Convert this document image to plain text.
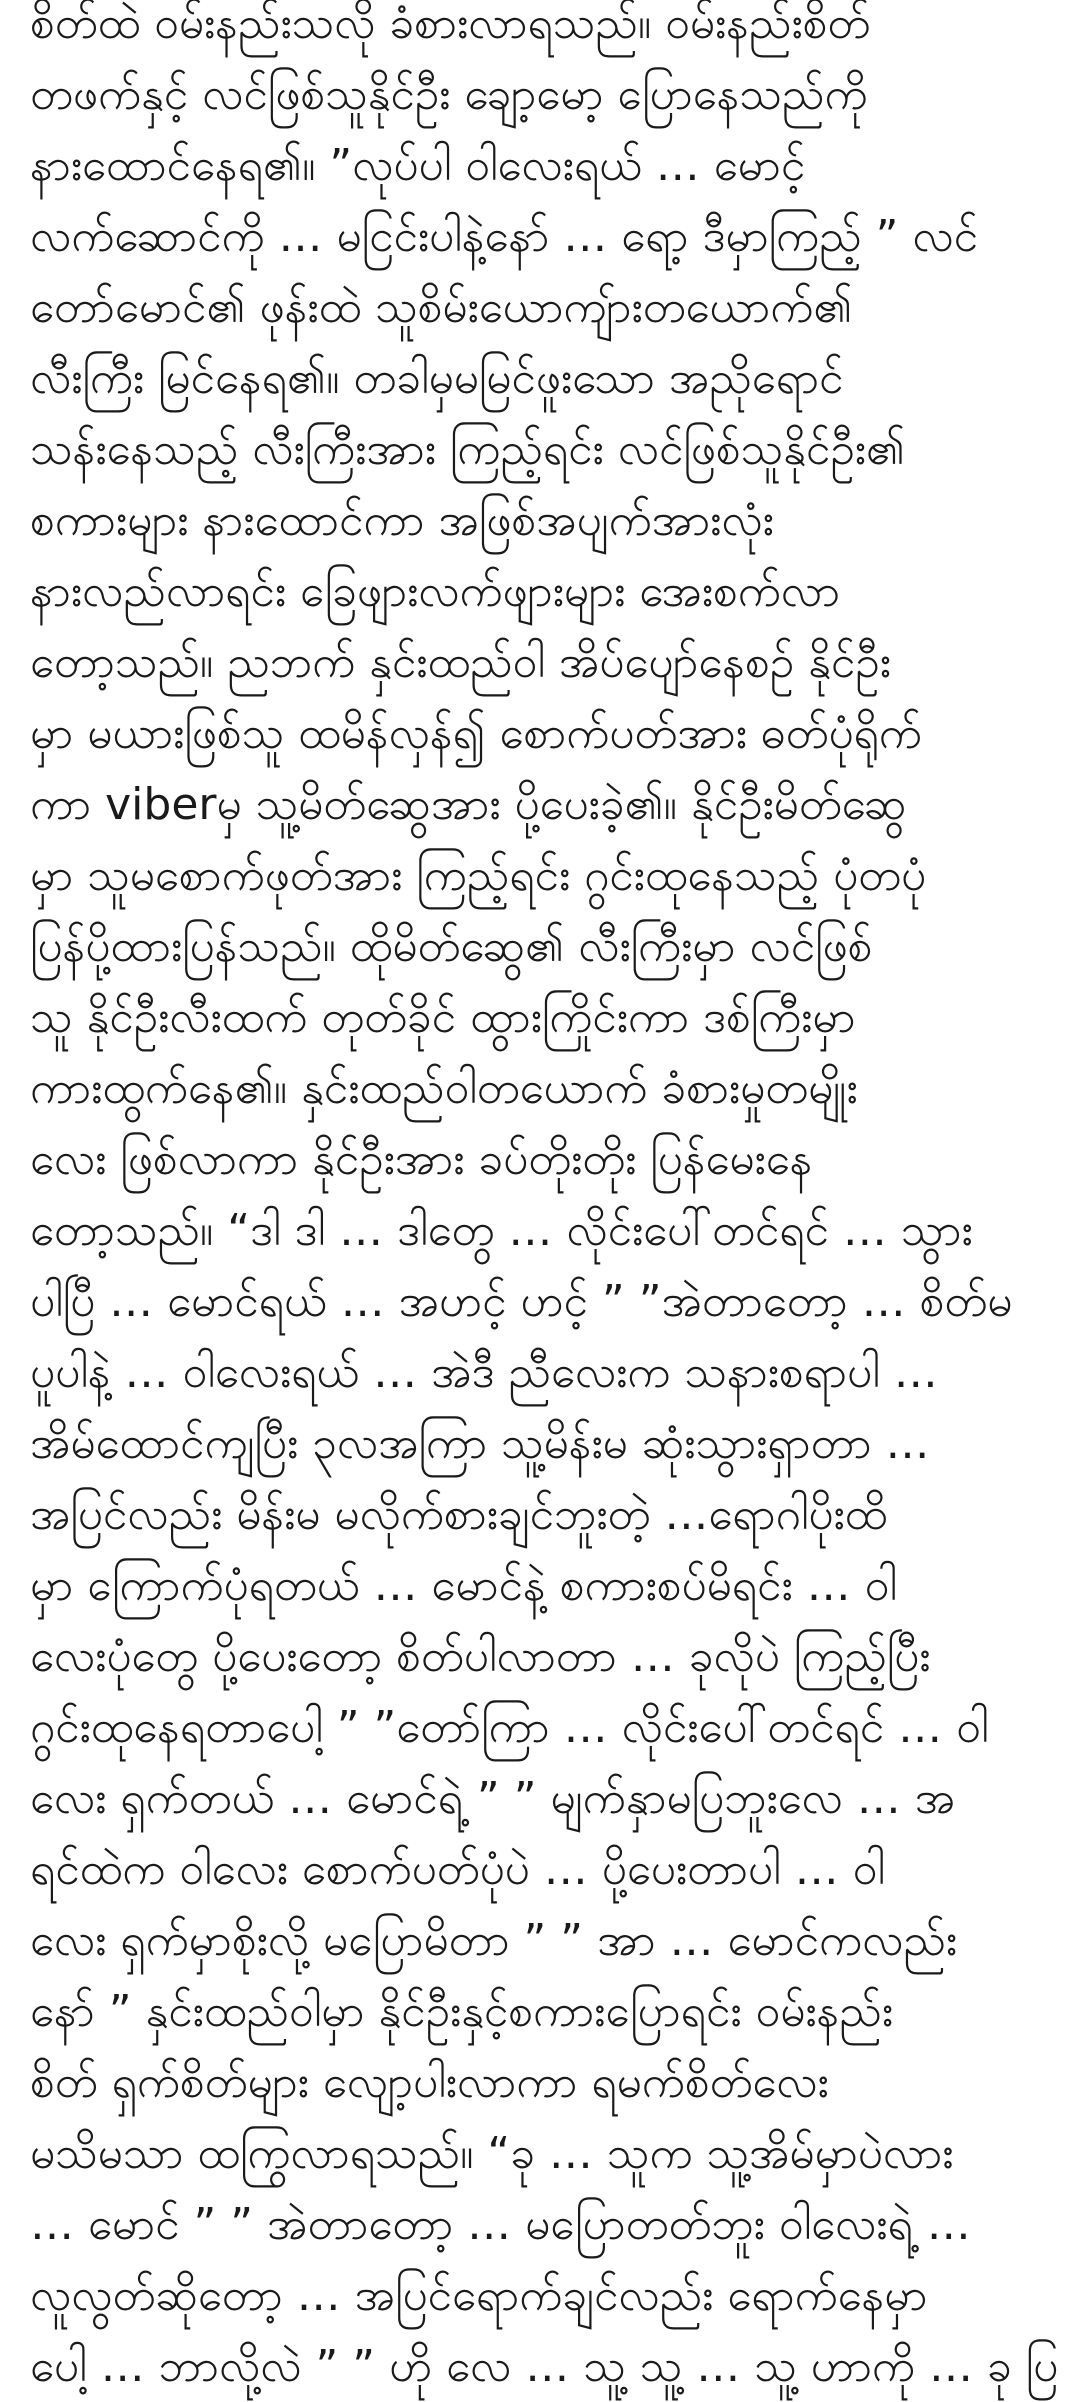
စိတ်ထဲ ဝမ်းနည်းသလို ခံစားလာရသည်။ ဝမ်းနည်းစိတ်
တဖက်နှင့် လင်ဖြစ်သူနိုင်ဦး ချော့မော့ ပြောနေသည်ကို
နားထောင်နေရ၏။ ”လုပ်ပါ ဝါလေးရယ် … မောင့်
လက်ဆောင်ကို … မငြင်းပါနဲ့နော် … ရော့ ဒီမှာကြည့် ” လင်
တော်မောင်၏ ဖုန်းထဲ သူစိမ်းယောကျ်ားတယောက်၏
လီးကြီး မြင်နေရ၏။ တခါမှမမြင်ဖူးသော အညိုရောင်
သန်းနေသည့် လီးကြီးအား ကြည့်ရင်း လင်ဖြစ်သူနိုင်ဦး၏
စကားများ နားထောင်ကာ အဖြစ်အပျက်အားလုံး
နားလည်လာရင်း ခြေဖျားလက်ဖျားများ အေးစက်လာ
တော့သည်။ ညဘက် နှင်းထည်ဝါ အိပ်ပျော်နေစဉ် နိုင်ဦး
မှာ မယားဖြစ်သူ ထမိန်လှန်၍ စောက်ပတ်အား ဓတ်ပုံရိုက်
ကာ viberမှ သူ့မိတ်ဆွေအား ပို့ပေးခဲ့၏။ နိုင်ဦးမိတ်ဆွေ
မှာ သူမစောက်ဖုတ်အား ကြည့်ရင်း ဂွင်းထုနေသည့် ပုံတပုံ
ပြန်ပို့ထားပြန်သည်။ ထိုမိတ်ဆွေ၏ လီးကြီးမှာ လင်ဖြစ်
သူ နိုင်ဦးလီးထက် တုတ်ခိုင် ထွားကြိုင်းကာ ဒစ်ကြီးမှာ
ကားထွက်နေ၏။ နှင်းထည်ဝါတယောက် ခံစားမှုတမျိုး
လေး ဖြစ်လာကာ နိုင်ဦးအား ခပ်တိုးတိုး ပြန်မေးနေ
တော့သည်။ “ဒါ ဒါ … ဒါတွေ … လိုင်းပေါ်တင်ရင် … သွား
ပါပြီ … မောင်ရယ် … အဟင့် ဟင့် ” ”အဲတာတော့ … စိတ်မ
ပူပါနဲ့ … ဝါလေးရယ် … အဲဒီ ညီလေးက သနားစရာပါ …
အိမ်ထောင်ကျပြီး ၃လအကြာ သူ့မိန်းမ ဆုံးသွားရှာတာ …
အပြင်လည်း မိန်းမ မလိုက်စားချင်ဘူးတဲ့ …ရောဂါပိုးထိ
မှာ ကြောက်ပုံရတယ် … မောင်နဲ့ စကားစပ်မိရင်း … ဝါ
လေးပုံတွေ ပို့ပေးတော့ စိတ်ပါလာတာ … ခုလိုပဲ ကြည့်ပြီး
ဂွင်းထုနေရတာပေါ့ ” ”တော်ကြာ … လိုင်းပေါ်တင်ရင် … ဝါ
လေး ရှက်တယ် … မောင်ရဲ့ ” ” မျက်နှာမပြဘူးလေ … အ
ရင်ထဲက ဝါလေး စောက်ပတ်ပုံပဲ … ပို့ပေးတာပါ … ဝါ
လေး ရှက်မှာစိုးလို့ မပြောမိတာ ” ” အာ … မောင်ကလည်း
နော် ” နှင်းထည်ဝါမှာ နိုင်ဦးနှင့်စကားပြောရင်း ဝမ်းနည်း
စိတ် ရှက်စိတ်များ လျော့ပါးလာကာ ရမက်စိတ်လေး
မသိမသာ ထကြွလာရသည်။ “ခု … သူက သူ့အိမ်မှာပဲလား
… မောင် ” ” အဲတာတော့ … မပြောတတ်ဘူး ဝါလေးရဲ့ …
လူလွတ်ဆိုတော့ … အပြင်ရောက်ချင်လည်း ရောက်နေမှာ
ပေါ့ … ဘာလို့လဲ ” ” ဟို လေ … သူ့ သူ့ … သူ့ ဟာကို … ခု ပြ
